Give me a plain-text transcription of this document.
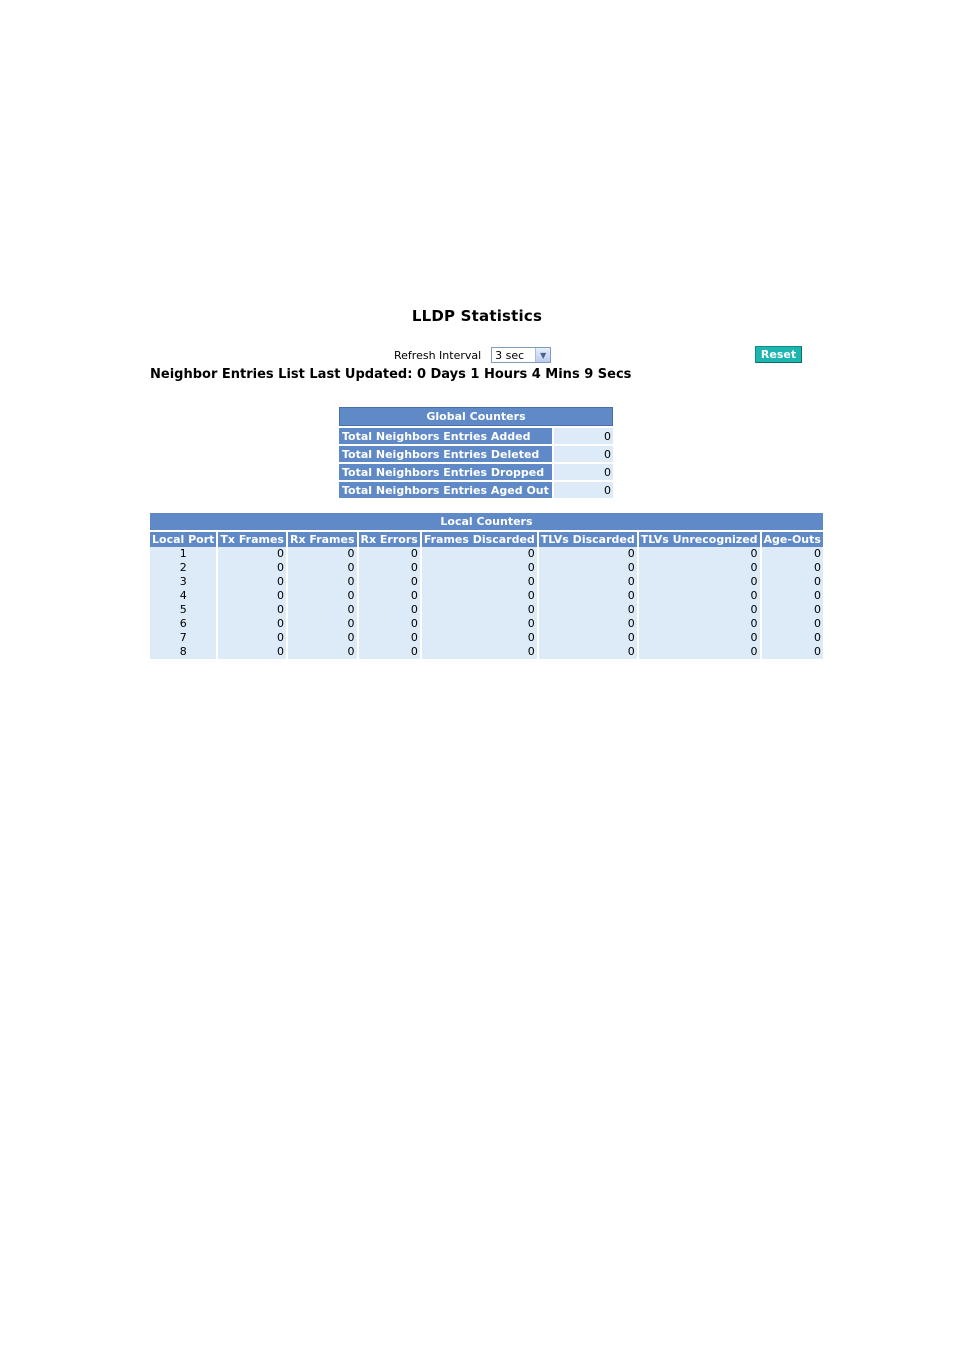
LLDP Statistics
Refresh Interval 3 sec	▼	Reset
Neighbor Entries List Last Updated: 0 Days 1 Hours 4 Mins 9 Secs
Global Counters	
Total Neighbors Entries Added	0
Total Neighbors Entries Deleted	0
Total Neighbors Entries Dropped	0
Total Neighbors Entries Aged Out	0
Local Counters							
Local Port	Tx Frames	Rx Frames	Rx Errors	Frames Discarded	TLVs Discarded	TLVs Unrecognized	Age-Outs
1	0	0	0	0	0	0	0
2	0	0	0	0	0	0	0
3	0	0	0	0	0	0	0
4	0	0	0	0	0	0	0
5	0	0	0	0	0	0	0
6	0	0	0	0	0	0	0
7	0	0	0	0	0	0	0
8	0	0	0	0	0	0	0
